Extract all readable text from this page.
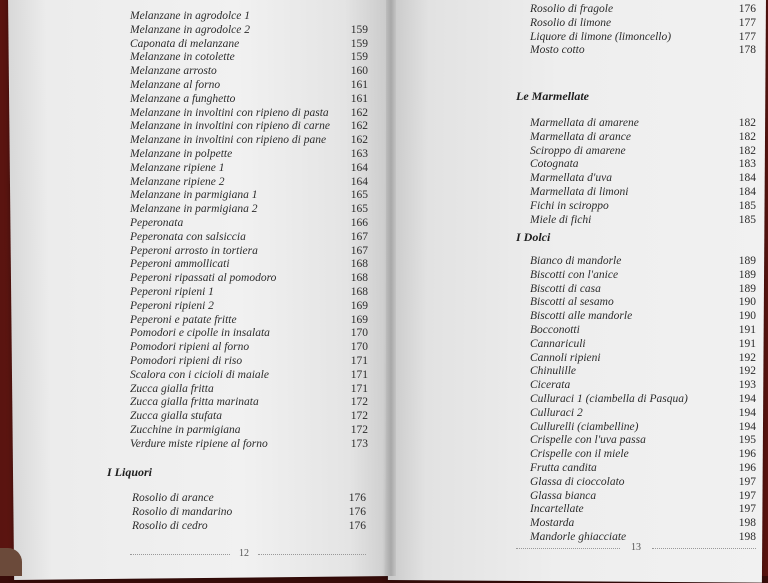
Melanzane in agrodolce 1
Melanzane in agrodolce 2	159
Caponata di melanzane	159
Melanzane in cotolette	159
Melanzane arrosto	160
Melanzane al forno	161
Melanzane a funghetto	161
Melanzane in involtini con ripieno di pasta 162
Melanzane in involtini con ripieno di carne 162
Melanzane in involtini con ripieno di pane 162
Melanzane in polpette	163
Melanzane ripiene 1	164
Melanzane ripiene 2	164
Melanzane in parmigiana 1	165
Melanzane in parmigiana 2	165
Peperonata	166
Peperonata con salsiccia	167
Peperoni arrosto in tortiera	167
Peperoni ammollicati	168
Peperoni ripassati al pomodoro	168
Peperoni ripieni 1	168
Peperoni ripieni 2	169
Peperoni e patate fritte	169
Pomodori e cipolle in insalata	170
Pomodori ripieni al forno	170
Pomodori ripieni di riso	171
Scalora con i cicioli di maiale	171
Zucca gialla fritta	171
Zucca gialla fritta marinata	172
Zucca gialla stufata	172
Zucchine in parmigiana	172
Verdure miste ripiene al forno	173
I Liquori
Rosolio di arance	176
Rosolio di mandarino	176
Rosolio di cedro	176
12
Rosolio di fragole	176
Rosolio di limone	177
Liquore di limone (limoncello)	177
Mosto cotto	178
Le Marmellate
Marmellata di amarene	182
Marmellata di arance	182
Sciroppo di amarene	182
Cotognata	183
Marmellata d'uva	184
Marmellata di limoni	184
Fichi in sciroppo	185
Miele di fichi	185
I Dolci
Bianco di mandorle	189
Biscotti con l'anice	189
Biscotti di casa	189
Biscotti al sesamo	190
Biscotti alle mandorle	190
Bocconotti	191
Cannariculi	191
Cannoli ripieni	192
Chinulille	192
Cicerata	193
Culluraci 1 (ciambella di Pasqua)	194
Culluraci 2	194
Cullurelli (ciambelline)	194
Crispelle con l'uva passa	195
Crispelle con il miele	196
Frutta candita	196
Glassa di cioccolato	197
Glassa bianca	197
Incartellate	197
Mostarda	198
Mandorle ghiacciate	198
13
